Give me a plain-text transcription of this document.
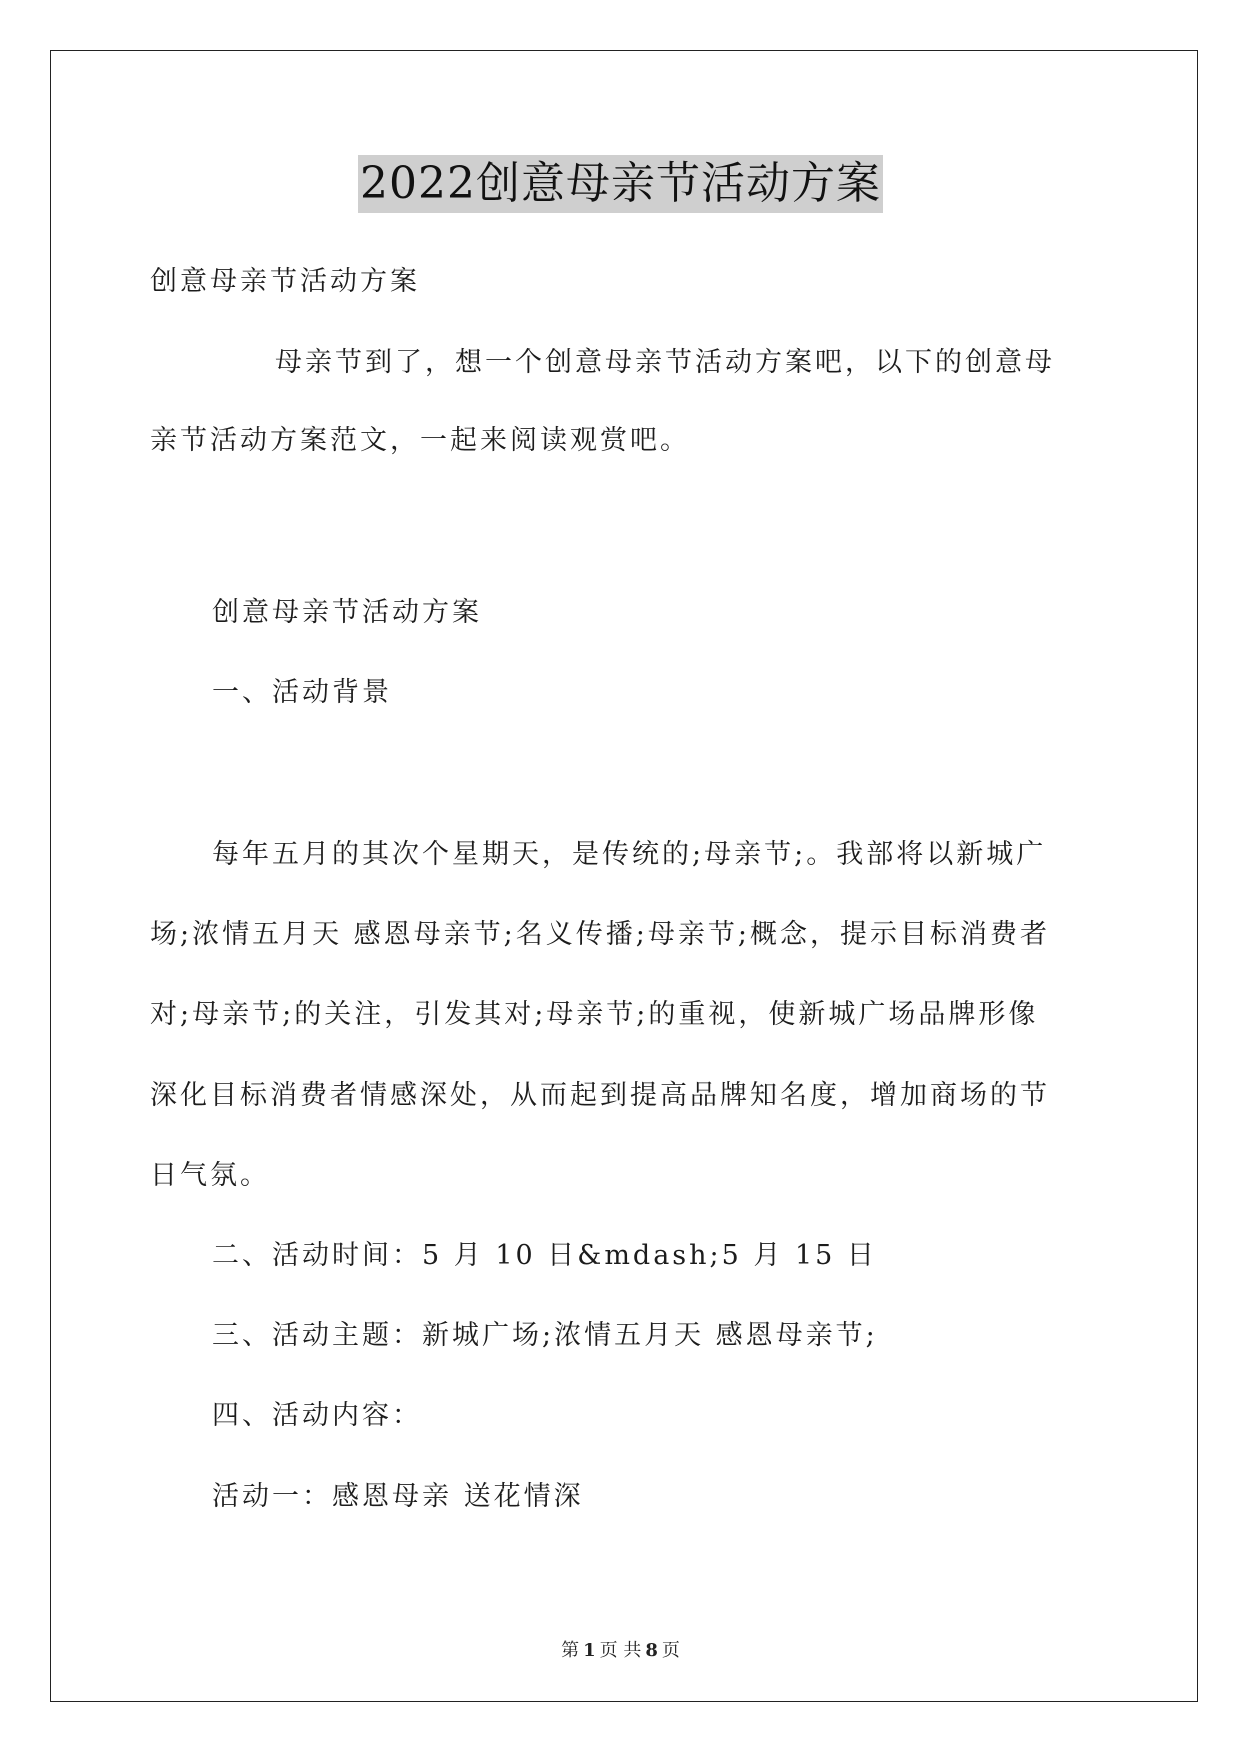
2022创意母亲节活动方案
创意母亲节活动方案
母亲节到了，想一个创意母亲节活动方案吧，以下的创意母
亲节活动方案范文，一起来阅读观赏吧。
创意母亲节活动方案
一、活动背景
每年五月的其次个星期天，是传统的;母亲节;。我部将以新城广
场;浓情五月天 感恩母亲节;名义传播;母亲节;概念，提示目标消费者
对;母亲节;的关注，引发其对;母亲节;的重视，使新城广场品牌形像
深化目标消费者情感深处，从而起到提高品牌知名度，增加商场的节
日气氛。
二、活动时间：5 月 10 日&mdash;5 月 15 日
三、活动主题：新城广场;浓情五月天 感恩母亲节;
四、活动内容：
活动一：感恩母亲 送花情深
第 1 页 共 8 页
